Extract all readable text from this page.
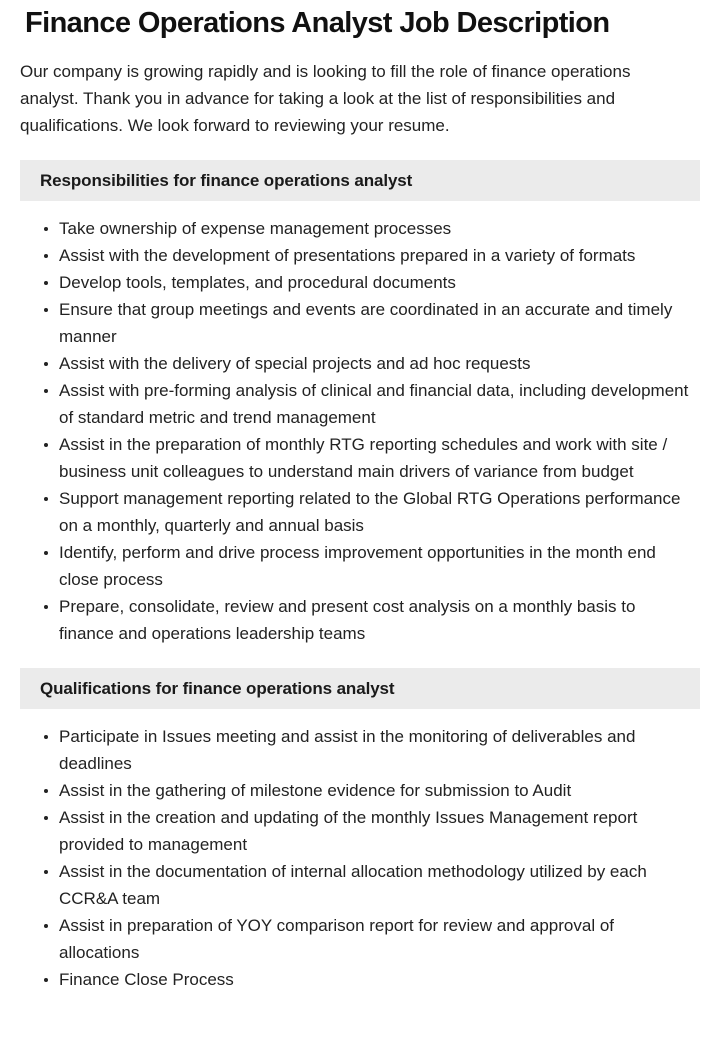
Finance Operations Analyst Job Description

Our company is growing rapidly and is looking to fill the role of finance operations analyst. Thank you in advance for taking a look at the list of responsibilities and qualifications. We look forward to reviewing your resume.

Responsibilities for finance operations analyst
Take ownership of expense management processes
Assist with the development of presentations prepared in a variety of formats
Develop tools, templates, and procedural documents
Ensure that group meetings and events are coordinated in an accurate and timely manner
Assist with the delivery of special projects and ad hoc requests
Assist with pre-forming analysis of clinical and financial data, including development of standard metric and trend management
Assist in the preparation of monthly RTG reporting schedules and work with site / business unit colleagues to understand main drivers of variance from budget
Support management reporting related to the Global RTG Operations performance on a monthly, quarterly and annual basis
Identify, perform and drive process improvement opportunities in the month end close process
Prepare, consolidate, review and present cost analysis on a monthly basis to finance and operations leadership teams
Qualifications for finance operations analyst
Participate in Issues meeting and assist in the monitoring of deliverables and deadlines
Assist in the gathering of milestone evidence for submission to Audit
Assist in the creation and updating of the monthly Issues Management report provided to management
Assist in the documentation of internal allocation methodology utilized by each CCR&A team
Assist in preparation of YOY comparison report for review and approval of allocations
Finance Close Process
